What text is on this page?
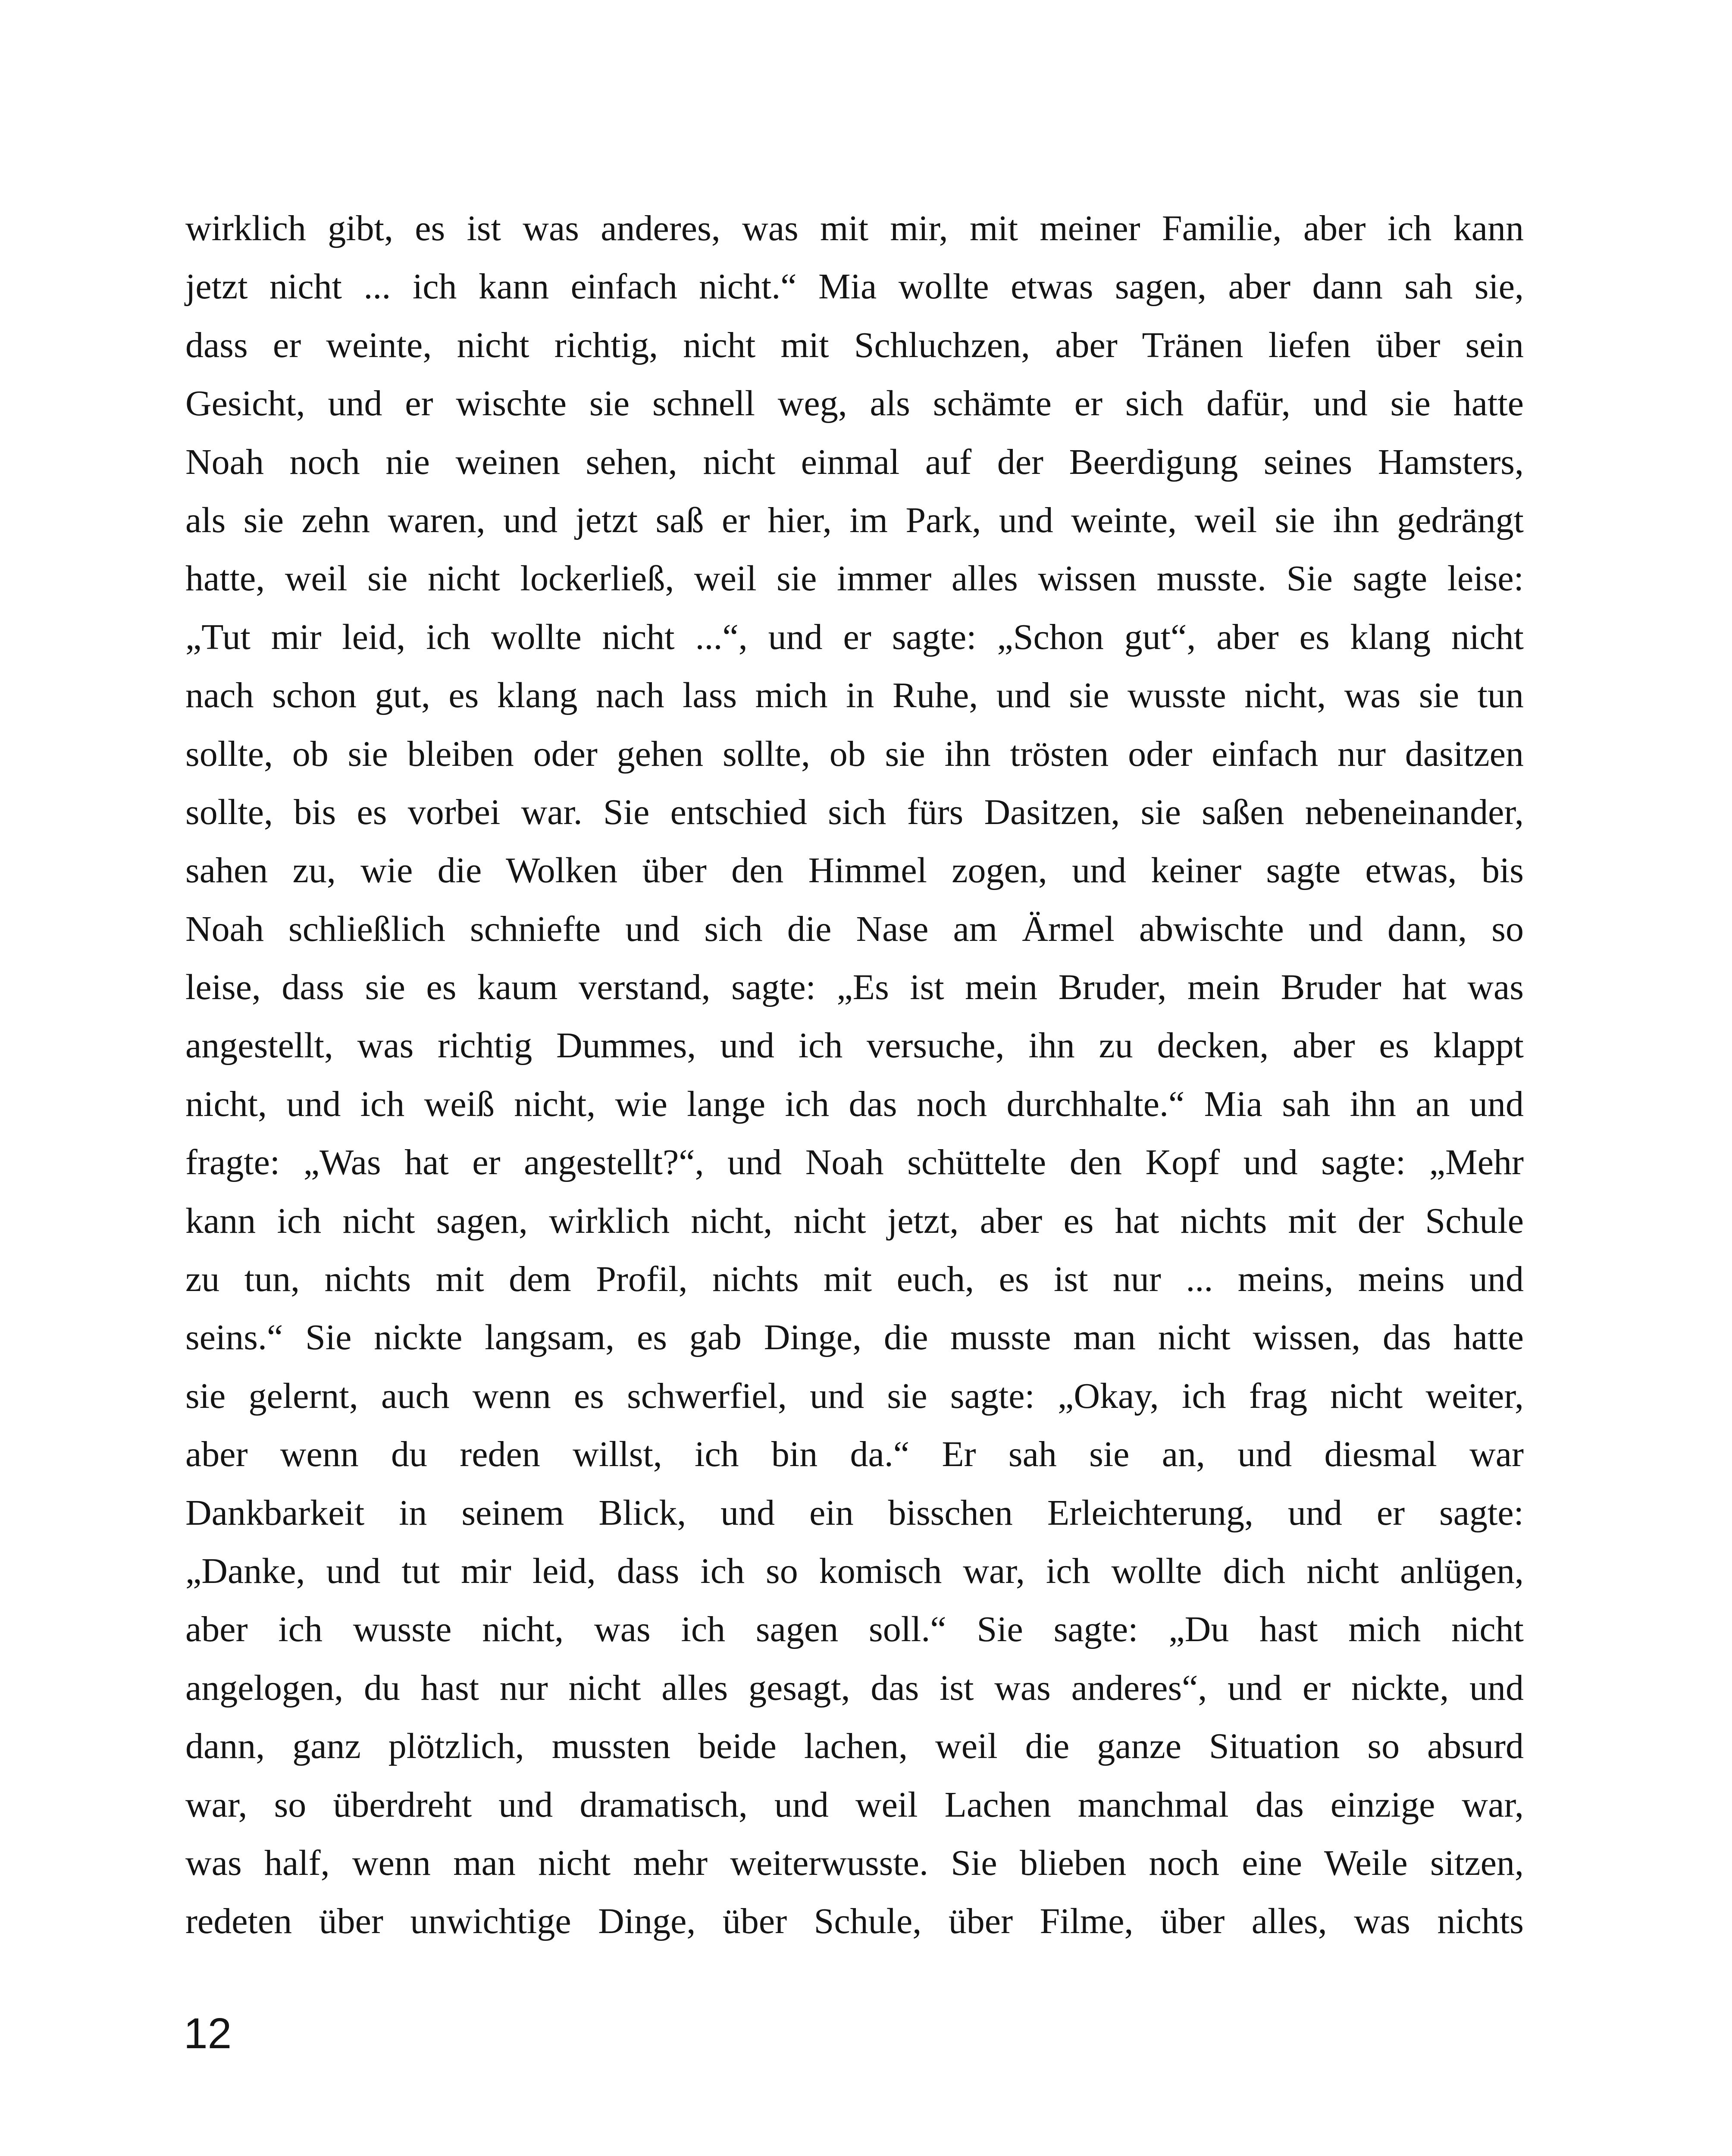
wirklich gibt, es ist was anderes, was mit mir, mit meiner Familie, aber ich kann
jetzt nicht ... ich kann einfach nicht.“ Mia wollte etwas sagen, aber dann sah sie,
dass er weinte, nicht richtig, nicht mit Schluchzen, aber Tränen liefen über sein
Gesicht, und er wischte sie schnell weg, als schämte er sich dafür, und sie hatte
Noah noch nie weinen sehen, nicht einmal auf der Beerdigung seines Hamsters,
als sie zehn waren, und jetzt saß er hier, im Park, und weinte, weil sie ihn gedrängt
hatte, weil sie nicht lockerließ, weil sie immer alles wissen musste. Sie sagte leise:
„Tut mir leid, ich wollte nicht ...“, und er sagte: „Schon gut“, aber es klang nicht
nach schon gut, es klang nach lass mich in Ruhe, und sie wusste nicht, was sie tun
sollte, ob sie bleiben oder gehen sollte, ob sie ihn trösten oder einfach nur dasitzen
sollte, bis es vorbei war. Sie entschied sich fürs Dasitzen, sie saßen nebeneinander,
sahen zu, wie die Wolken über den Himmel zogen, und keiner sagte etwas, bis
Noah schließlich schniefte und sich die Nase am Ärmel abwischte und dann, so
leise, dass sie es kaum verstand, sagte: „Es ist mein Bruder, mein Bruder hat was
angestellt, was richtig Dummes, und ich versuche, ihn zu decken, aber es klappt
nicht, und ich weiß nicht, wie lange ich das noch durchhalte.“ Mia sah ihn an und
fragte: „Was hat er angestellt?“, und Noah schüttelte den Kopf und sagte: „Mehr
kann ich nicht sagen, wirklich nicht, nicht jetzt, aber es hat nichts mit der Schule
zu tun, nichts mit dem Profil, nichts mit euch, es ist nur ... meins, meins und
seins.“ Sie nickte langsam, es gab Dinge, die musste man nicht wissen, das hatte
sie gelernt, auch wenn es schwerfiel, und sie sagte: „Okay, ich frag nicht weiter,
aber wenn du reden willst, ich bin da.“ Er sah sie an, und diesmal war
Dankbarkeit in seinem Blick, und ein bisschen Erleichterung, und er sagte:
„Danke, und tut mir leid, dass ich so komisch war, ich wollte dich nicht anlügen,
aber ich wusste nicht, was ich sagen soll.“ Sie sagte: „Du hast mich nicht
angelogen, du hast nur nicht alles gesagt, das ist was anderes“, und er nickte, und
dann, ganz plötzlich, mussten beide lachen, weil die ganze Situation so absurd
war, so überdreht und dramatisch, und weil Lachen manchmal das einzige war,
was half, wenn man nicht mehr weiterwusste. Sie blieben noch eine Weile sitzen,
redeten über unwichtige Dinge, über Schule, über Filme, über alles, was nichts
12
